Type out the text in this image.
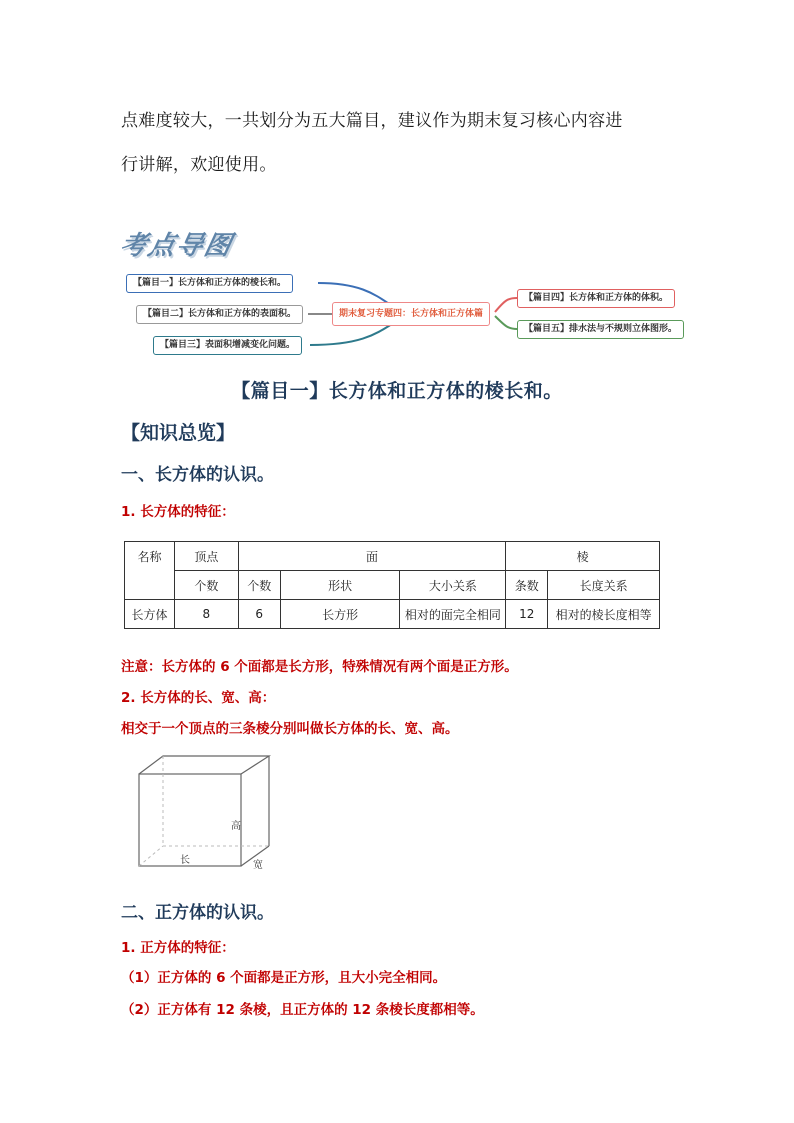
点难度较大，一共划分为五大篇目，建议作为期末复习核心内容进
行讲解，欢迎使用。
考点导图
【篇目一】长方体和正方体的棱长和。
【篇目二】长方体和正方体的表面积。
【篇目三】表面积增减变化问题。
期末复习专题四：长方体和正方体篇
【篇目四】长方体和正方体的体积。
【篇目五】排水法与不规则立体图形。
【篇目一】长方体和正方体的棱长和。
【知识总览】
一、长方体的认识。
1. 长方体的特征：
名称	顶点	面			棱	
	个数	个数	形状	大小关系	条数	长度关系
长方体	8	6	长方形	相对的面完全相同	12	相对的棱长度相等
注意：长方体的 6 个面都是长方形，特殊情况有两个面是正方形。
2. 长方体的长、宽、高：
相交于一个顶点的三条棱分别叫做长方体的长、宽、高。
高
长	宽
二、正方体的认识。
1. 正方体的特征：
（1）正方体的 6 个面都是正方形，且大小完全相同。
（2）正方体有 12 条棱，且正方体的 12 条棱长度都相等。
